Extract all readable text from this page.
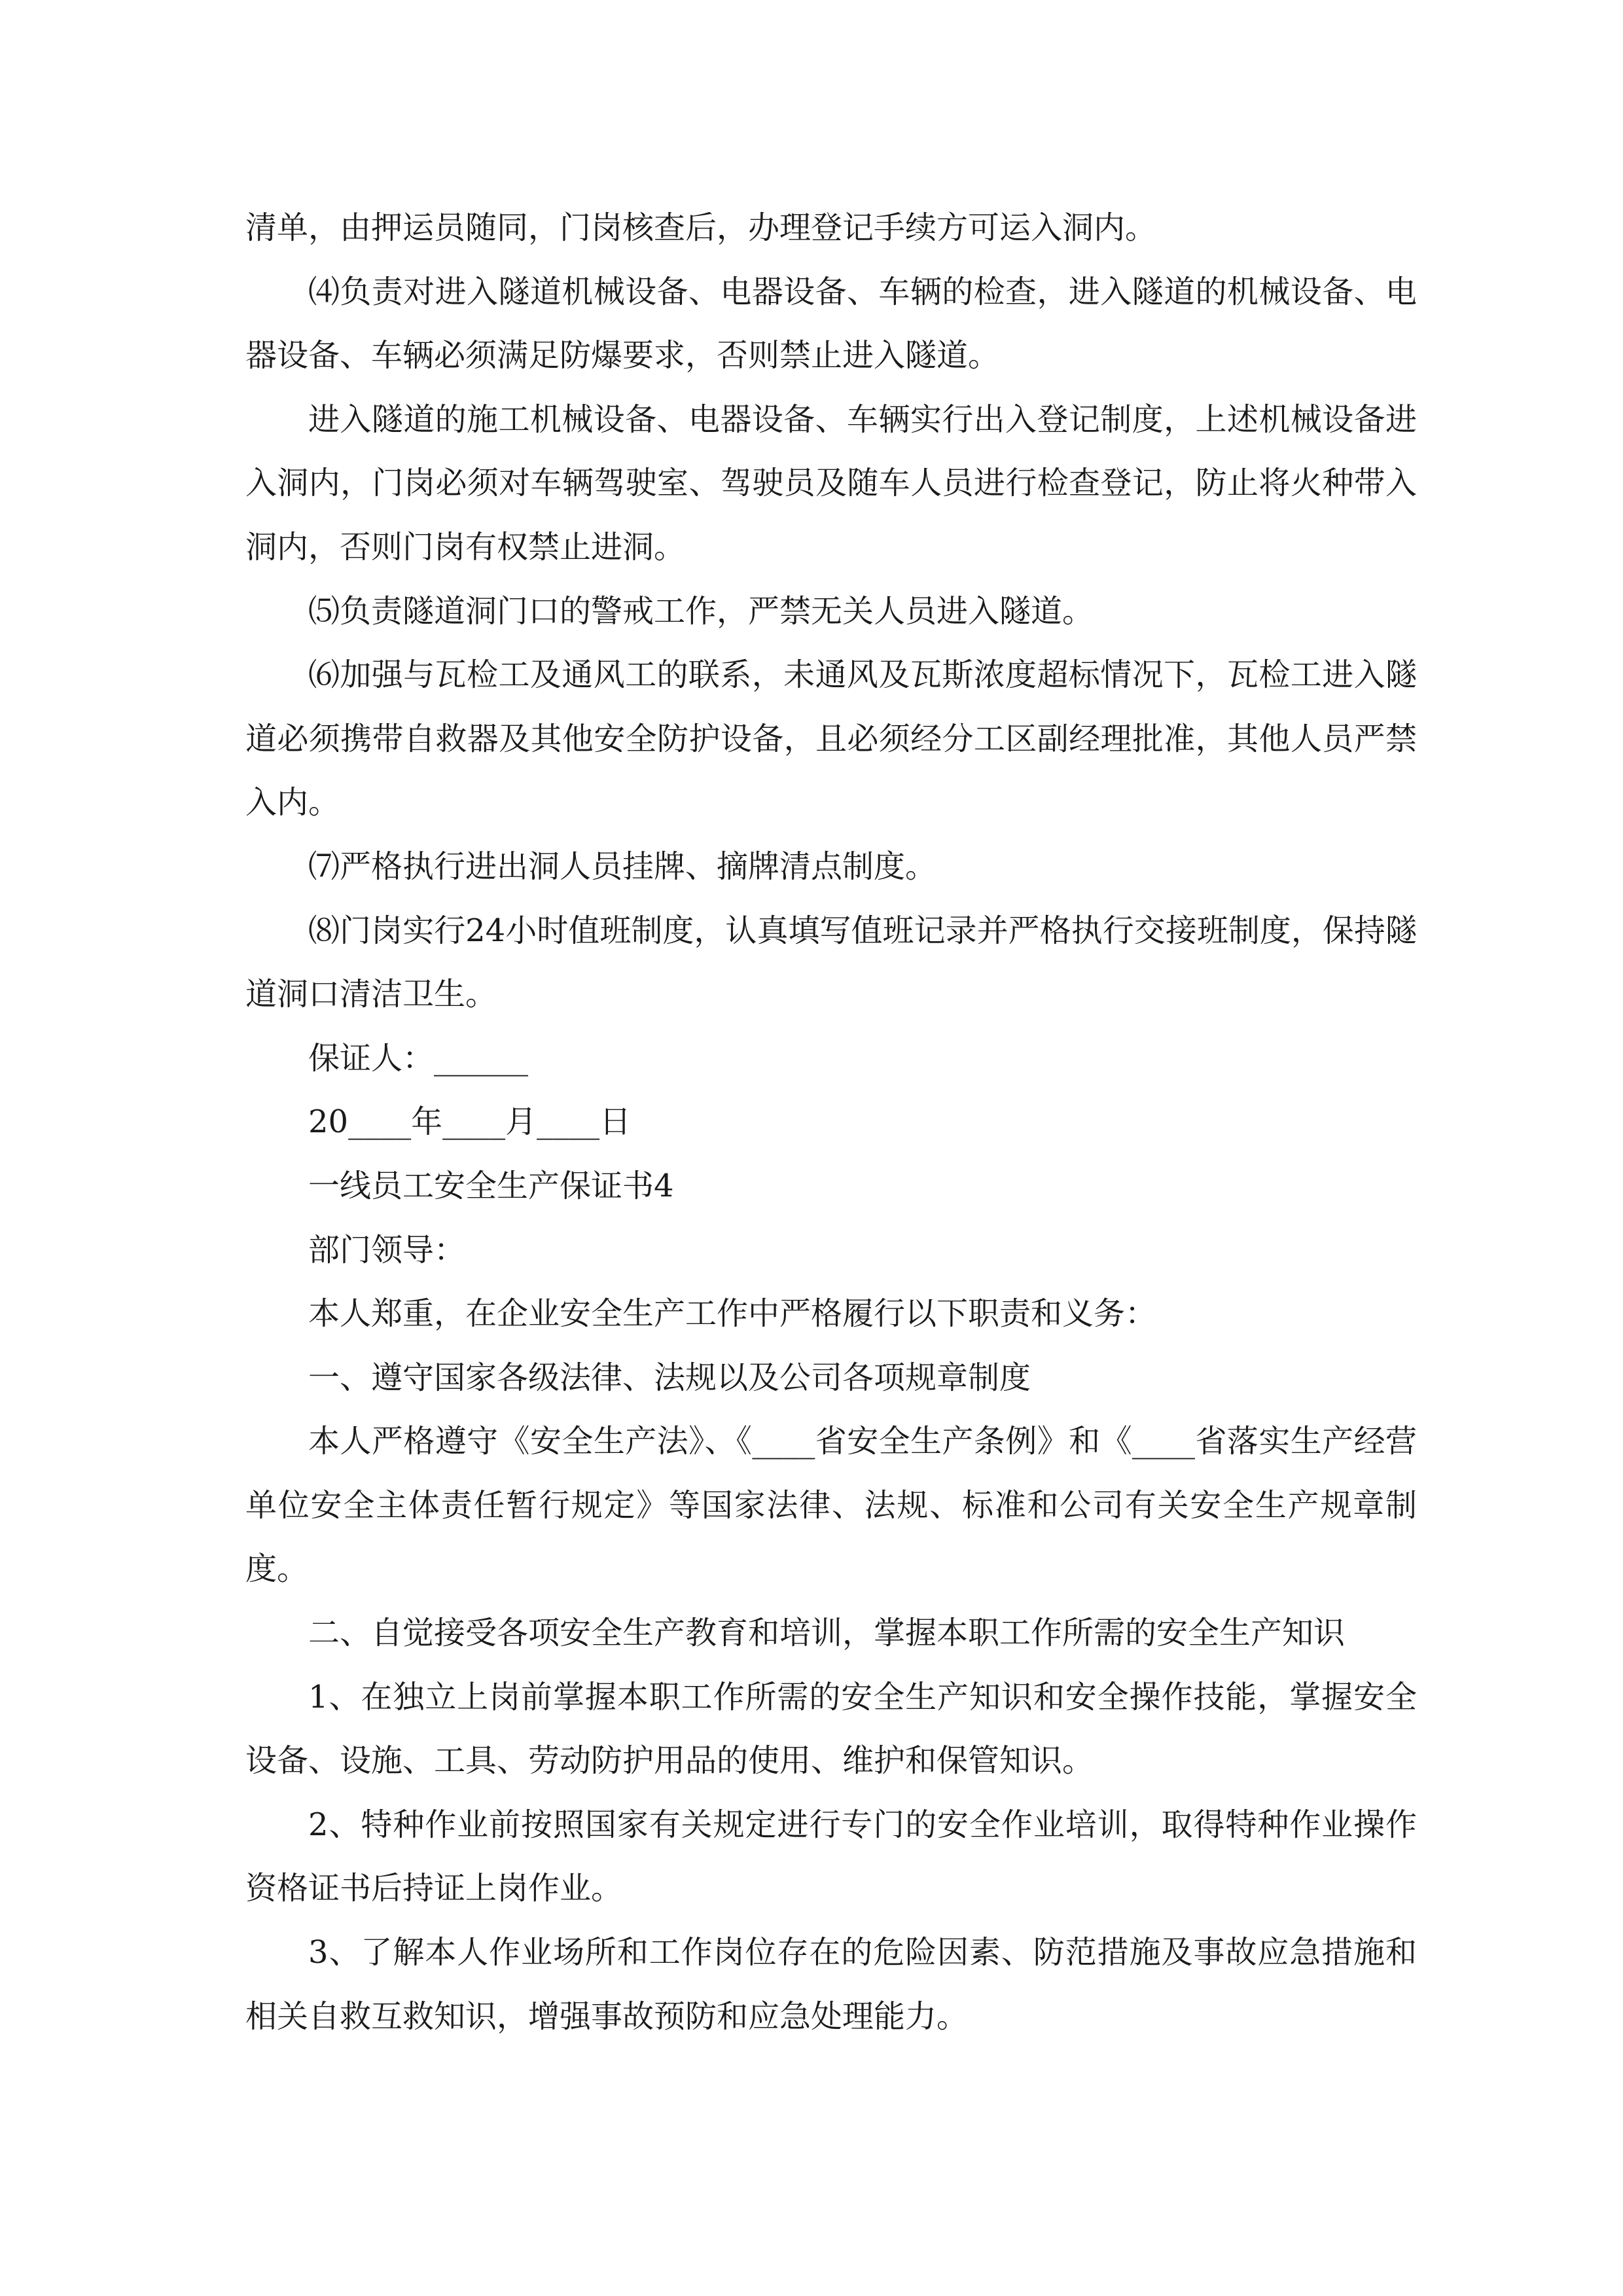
清单，由押运员随同，门岗核查后，办理登记手续方可运入洞内。

⑷负责对进入隧道机械设备、电器设备、车辆的检查，进入隧道的机械设备、电器设备、车辆必须满足防爆要求，否则禁止进入隧道。

进入隧道的施工机械设备、电器设备、车辆实行出入登记制度，上述机械设备进入洞内，门岗必须对车辆驾驶室、驾驶员及随车人员进行检查登记，防止将火种带入洞内，否则门岗有权禁止进洞。

⑸负责隧道洞门口的警戒工作，严禁无关人员进入隧道。

⑹加强与瓦检工及通风工的联系，未通风及瓦斯浓度超标情况下，瓦检工进入隧道必须携带自救器及其他安全防护设备，且必须经分工区副经理批准，其他人员严禁入内。

⑺严格执行进出洞人员挂牌、摘牌清点制度。

⑻门岗实行24小时值班制度，认真填写值班记录并严格执行交接班制度，保持隧道洞口清洁卫生。

保证人：______

20____年____月____日

一线员工安全生产保证书4

部门领导：

本人郑重，在企业安全生产工作中严格履行以下职责和义务：

一、遵守国家各级法律、法规以及公司各项规章制度

本人严格遵守《安全生产法》、《____省安全生产条例》和《____省落实生产经营单位安全主体责任暂行规定》等国家法律、法规、标准和公司有关安全生产规章制度。

二、自觉接受各项安全生产教育和培训，掌握本职工作所需的安全生产知识

1、在独立上岗前掌握本职工作所需的安全生产知识和安全操作技能，掌握安全设备、设施、工具、劳动防护用品的使用、维护和保管知识。

2、特种作业前按照国家有关规定进行专门的安全作业培训，取得特种作业操作资格证书后持证上岗作业。

3、了解本人作业场所和工作岗位存在的危险因素、防范措施及事故应急措施和相关自救互救知识，增强事故预防和应急处理能力。
